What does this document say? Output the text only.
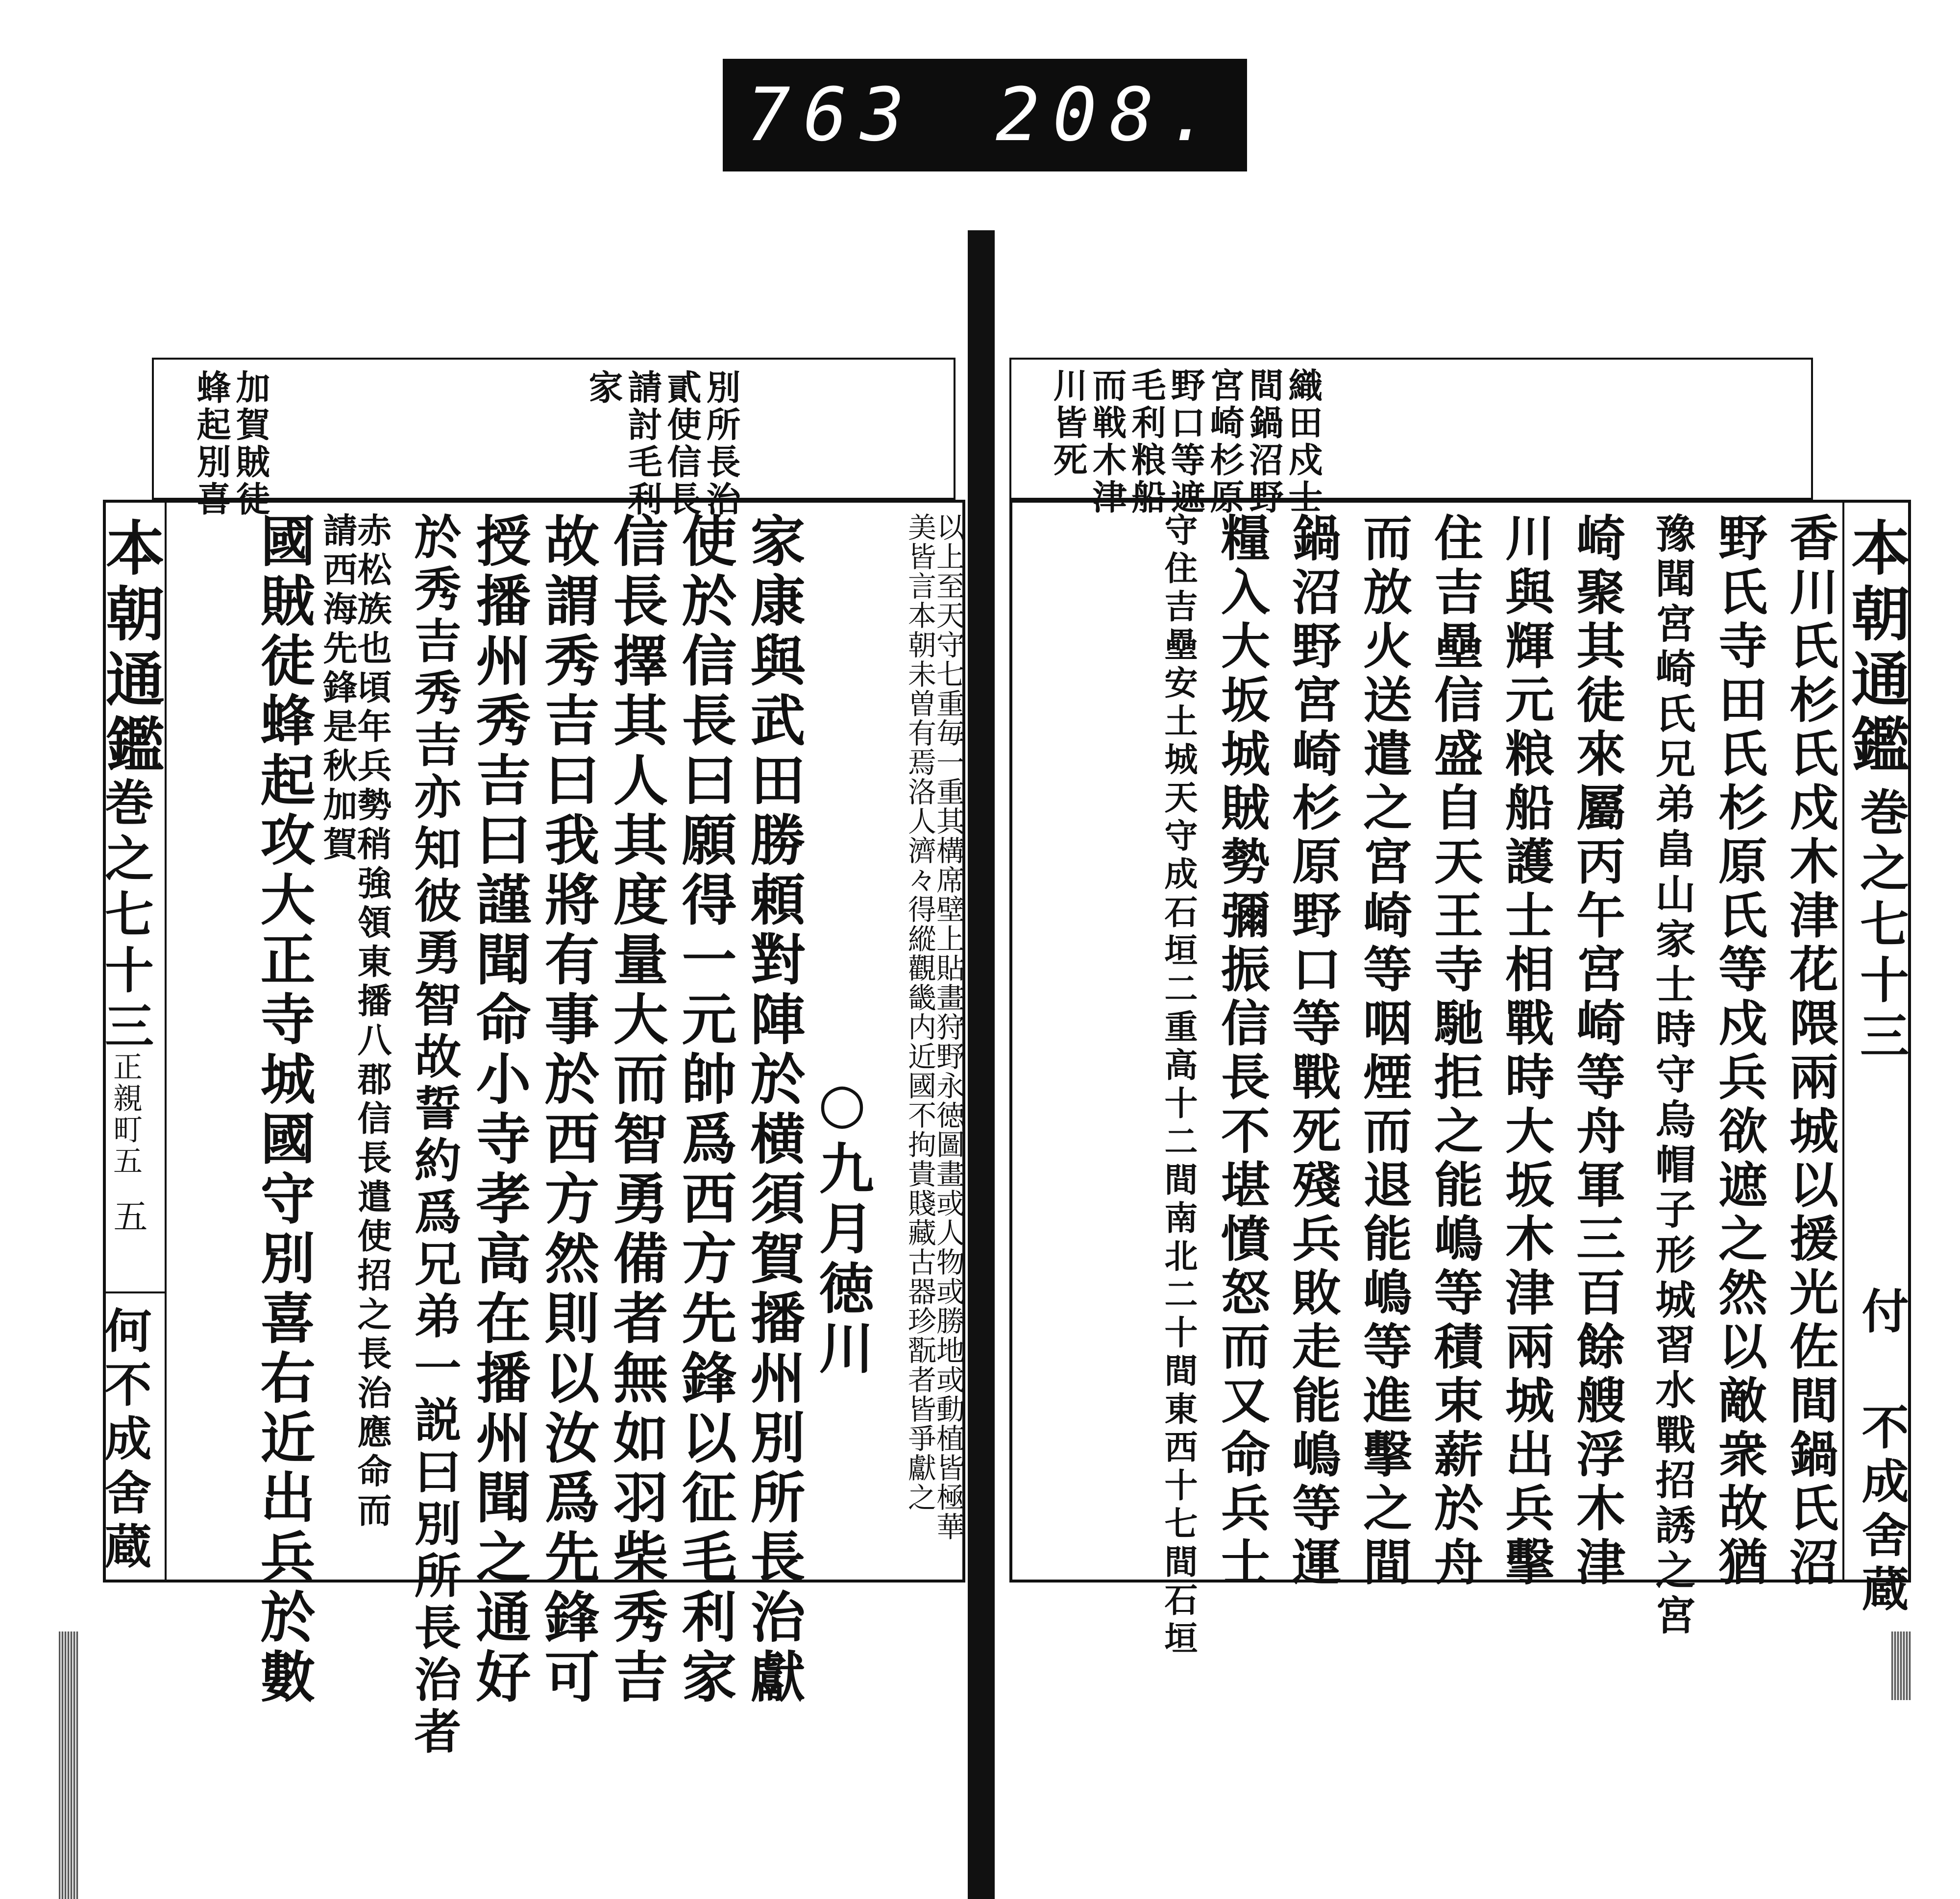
763 208.
別所長治
貳使信長
請討毛利
家
加賀賊徒
蜂起別喜
本朝通鑑
巻之七十三
正親町五
五
何不成舍蔵	以上至天守七重毎一重其構席壁上貼畫狩野永徳圖畫或人物或勝地或動植皆極華美皆言本朝未曽有焉洛人濟々得縱觀畿内近國不拘貴賤藏古器珍翫者皆爭獻之
○九月徳川
家康與武田勝頼對陣於横須賀播州別所長治獻
使於信長曰願得一元帥爲西方先鋒以征毛利家
信長擇其人其度量大而智勇備者無如羽柴秀吉
故謂秀吉曰我將有事於西方然則以汝爲先鋒可
授播州秀吉曰謹聞命小寺孝高在播州聞之通好
於秀吉秀吉亦知彼勇智故誓約爲兄弟一説曰別所長治者
赤松族也頃年兵勢稍強領東播八郡信長遣使招之長治應命而請西海先鋒是秋加賀
國賊徒蜂起攻大正寺城國守別喜右近出兵於數
川皆死
而戦木津
毛利粮船
野口等遮
宮崎杉原
間鍋沼野
織田戍士
本朝通鑑
巻之七十三
付 不成舍蔵
香川氏杉氏戍木津花隈兩城以援光佐間鍋氏沼
野氏寺田氏杉原氏等戍兵欲遮之然以敵衆故猶
豫聞宮崎氏兄弟畠山家士時守烏帽子形城習水戰招誘之宮
崎聚其徒來屬丙午宮崎等舟軍三百餘艘浮木津
川與輝元粮船護士相戰時大坂木津兩城出兵擊
住吉壘信盛自天王寺馳拒之能嶋等積束薪於舟
而放火送遣之宮崎等咽煙而退能嶋等進擊之間
鍋沼野宮崎杉原野口等戰死殘兵敗走能嶋等運
糧入大坂城賊勢彌振信長不堪憤怒而又命兵士
守住吉壘安土城天守成石垣二重高十二間南北二十間東西十七間石垣
